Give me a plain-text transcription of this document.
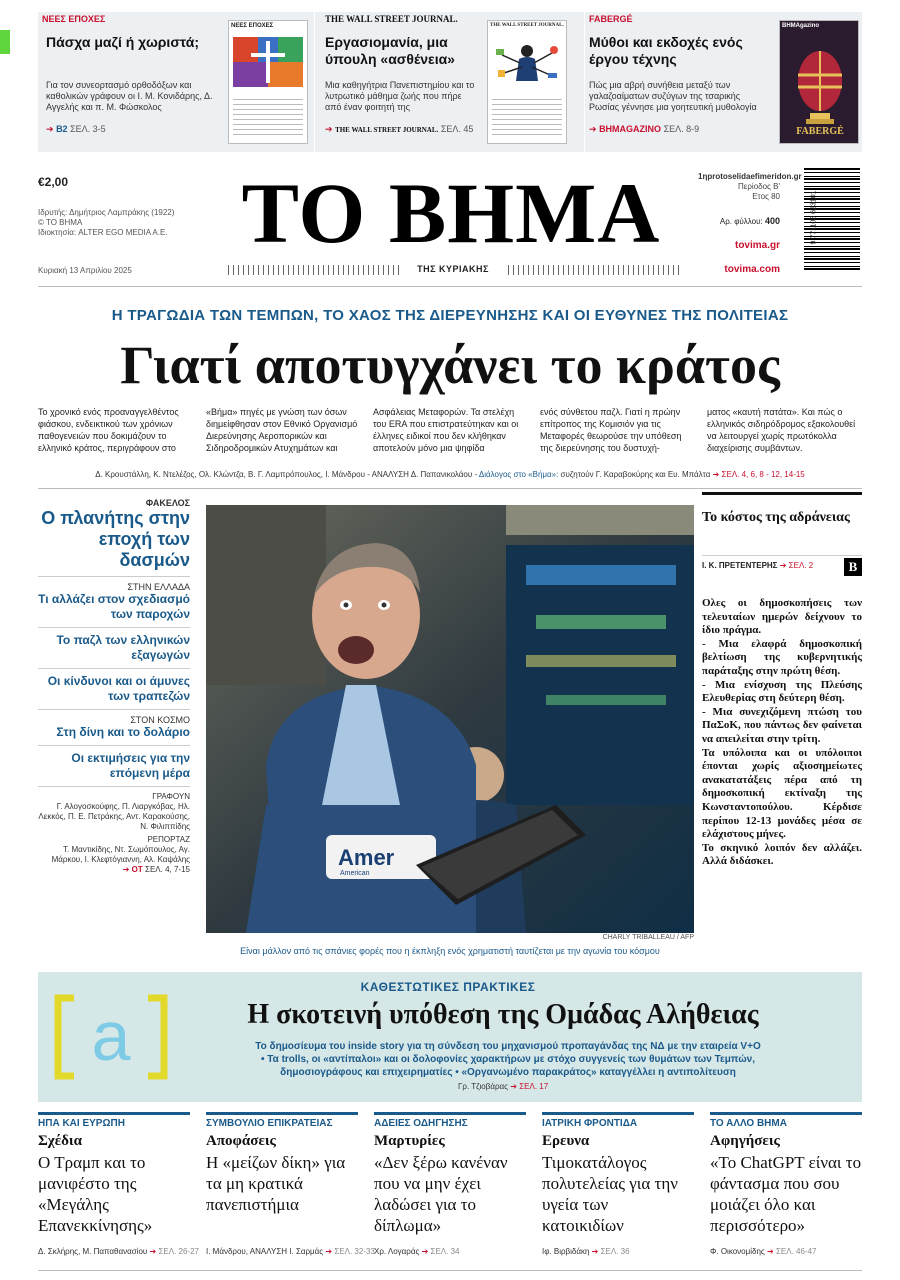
ΝΕΕΣ ΕΠΟΧΕΣ
Πάσχα μαζί ή χωριστά;
Για τον συνεορτασμό ορθοδόξων και καθολικών γράφουν οι Ι. Μ. Κονιδάρης, Δ. Αγγελής και π. Μ. Φώσκολος
➔ Β2 ΣΕΛ. 3-5
ΝΕΕΣ ΕΠΟΧΕΣ
THE WALL STREET JOURNAL.
Εργασιομανία, μια ύπουλη «ασθένεια»
Μια καθηγήτρια Πανεπιστημίου και το λυτρωτικό μάθημα ζωής που πήρε από έναν φοιτητή της
➔ THE WALL STREET JOURNAL. ΣΕΛ. 45
THE WALL STREET JOURNAL.
FABERGÉ
Μύθοι και εκδοχές ενός έργου τέχνης
Πώς μια αβρή συνήθεια μεταξύ των γαλαζοαίματων συζύγων της τσαρικής Ρωσίας γέννησε μια γοητευτική μυθολογία
➔ ΒΗΜAGAZINO ΣΕΛ. 8-9
BHMAgazino
FABERGÉ
€2,00
Ιδρυτής: Δημήτριος Λαμπράκης (1922)
© ΤΟ ΒΗΜΑ
Ιδιοκτησία: ALTER EGO MEDIA A.E.
Κυριακή 13 Απριλίου 2025
ΤΟ ΒΗΜΑ
ΤΗΣ ΚΥΡΙΑΚΗΣ
1ηprotoselidaefimeridon.gr
Περίοδος Β'
Ετος 80
Αρ. φύλλου: 400
tovima.gr
tovima.com
9 771108 623101
Η ΤΡΑΓΩΔΙΑ ΤΩΝ ΤΕΜΠΩΝ, ΤΟ ΧΑΟΣ ΤΗΣ ΔΙΕΡΕΥΝΗΣΗΣ ΚΑΙ ΟΙ ΕΥΘΥΝΕΣ ΤΗΣ ΠΟΛΙΤΕΙΑΣ
Γιατί αποτυγχάνει το κράτος
Το χρονικό ενός προαναγγελθέντος φιάσκου, ενδεικτικού των χρόνιων παθογενειών που δοκιμάζουν το ελληνικό κράτος, περιγράφουν στο
«Βήμα» πηγές με γνώση των όσων διημείφθησαν στον Εθνικό Οργανισμό Διερεύνησης Αεροπορικών και Σιδηροδρομικών Ατυχημάτων και
Ασφάλειας Μεταφορών. Τα στελέχη του ERA που επιστρατεύτηκαν και οι έλληνες ειδικοί που δεν κλήθηκαν αποτελούν μόνο μια ψηφίδα
ενός σύνθετου παζλ. Γιατί η πρώην επίτροπος της Κομισιόν για τις Μεταφορές θεωρούσε την υπόθεση της διερεύνησης του δυστυχή-
ματος «καυτή πατάτα». Και πώς ο ελληνικός σιδηρόδρομος εξακολουθεί να λειτουργεί χωρίς πρωτόκολλα διαχείρισης συμβάντων.
Δ. Κρουστάλλη, Κ. Ντελέζος, Ολ. Κλώντζα, Β. Γ. Λαμπρόπουλος, Ι. Μάνδρου - ΑΝΑΛΥΣΗ Δ. Παπανικολάου - Διάλογος στο «Βήμα»: συζητούν Γ. Καραβοκύρης και Ευ. Μπάλτα ➔ ΣΕΛ. 4, 6, 8 - 12, 14-15
ΦΑΚΕΛΟΣ
Ο πλανήτης στην εποχή των δασμών
ΣΤΗΝ ΕΛΛΑΔΑ
Τι αλλάζει στον σχεδιασμό των παροχών
Το παζλ των ελληνικών εξαγωγών
Οι κίνδυνοι και οι άμυνες των τραπεζών
ΣΤΟΝ ΚΟΣΜΟ
Στη δίνη και το δολάριο
Οι εκτιμήσεις για την επόμενη μέρα
ΓΡΑΦΟΥΝ
Γ. Αλογοσκούφης, Π. Λιαργκόβας, Ηλ. Λεκκός, Π. Ε. Πετράκης, Αντ. Καρακούσης, Ν. Φιλιππίδης
ΡΕΠΟΡΤΑΖ
Τ. Μαντικίδης, Ντ. Σωμόπουλος, Αγ. Μάρκου, Ι. Κλεφτόγιαννη, Αλ. Καψάλης
➔ ΟΤ ΣΕΛ. 4, 7-15	Amer
American
CHARLY TRIBALLEAU / AFP
Είναι μάλλον από τις σπάνιες φορές που η έκπληξη ενός χρηματιστή ταυτίζεται με την αγωνία του κόσμου
Το κόστος της αδράνειας
Ι. Κ. ΠΡΕΤΕΝΤΕΡΗΣ ➔ ΣΕΛ. 2	Β

Ολες οι δημοσκοπήσεις των τελευταίων ημερών δείχνουν το ίδιο πράγμα.

- Μια ελαφρά δημοσκοπική βελτίωση της κυβερνητικής παράταξης στην πρώτη θέση.

- Μια ενίσχυση της Πλεύσης Ελευθερίας στη δεύτερη θέση.

- Μια συνεχιζόμενη πτώση του ΠαΣοΚ, που πάντως δεν φαίνεται να απειλείται στην τρίτη.

Τα υπόλοιπα και οι υπόλοιποι έπονται χωρίς αξιοσημείωτες ανακατατάξεις πέρα από τη δημοσκοπική εκτίναξη της Κωνσταντοπούλου. Κέρδισε περίπου 12-13 μονάδες μέσα σε ελάχιστους μήνες.

Το σκηνικό λοιπόν δεν αλλάζει. Αλλά διδάσκει.

a
ΚΑΘΕΣΤΩΤΙΚΕΣ ΠΡΑΚΤΙΚΕΣ
Η σκοτεινή υπόθεση της Ομάδας Αλήθειας
Το δημοσίευμα του inside story για τη σύνδεση του μηχανισμού προπαγάνδας της ΝΔ με την εταιρεία V+O
• Τα trolls, οι «αντίπαλοι» και οι δολοφονίες χαρακτήρων με στόχο συγγενείς των θυμάτων των Τεμπών,
δημοσιογράφους και επιχειρηματίες • «Οργανωμένο παρακράτος» καταγγέλλει η αντιπολίτευση
Γρ. Τζιοβάρας ➔ ΣΕΛ. 17
ΗΠΑ ΚΑΙ ΕΥΡΩΠΗ
Σχέδια
Ο Τραμπ και το μανιφέστο της «Μεγάλης Επανεκκίνησης»
Δ. Σκλήρης, Μ. Παπαθανασίου ➔ ΣΕΛ. 26-27
ΣΥΜΒΟΥΛΙΟ ΕΠΙΚΡΑΤΕΙΑΣ
Αποφάσεις
Η «μείζων δίκη» για τα μη κρατικά πανεπιστήμια
Ι. Μάνδρου, ΑΝΑΛΥΣΗ Ι. Σαρμάς ➔ ΣΕΛ. 32-33
ΑΔΕΙΕΣ ΟΔΗΓΗΣΗΣ
Μαρτυρίες
«Δεν ξέρω κανέναν που να μην έχει λαδώσει για το δίπλωμα»
Χρ. Λογαράς ➔ ΣΕΛ. 34
ΙΑΤΡΙΚΗ ΦΡΟΝΤΙΔΑ
Ερευνα
Τιμοκατάλογος πολυτελείας για την υγεία των κατοικιδίων
Ιφ. Βιρβιδάκη ➔ ΣΕΛ. 36
ΤΟ ΑΛΛΟ ΒΗΜΑ
Αφηγήσεις
«Το ChatGPT είναι το φάντασμα που σου μοιάζει όλο και περισσότερο»
Φ. Οικονομίδης ➔ ΣΕΛ. 46-47
